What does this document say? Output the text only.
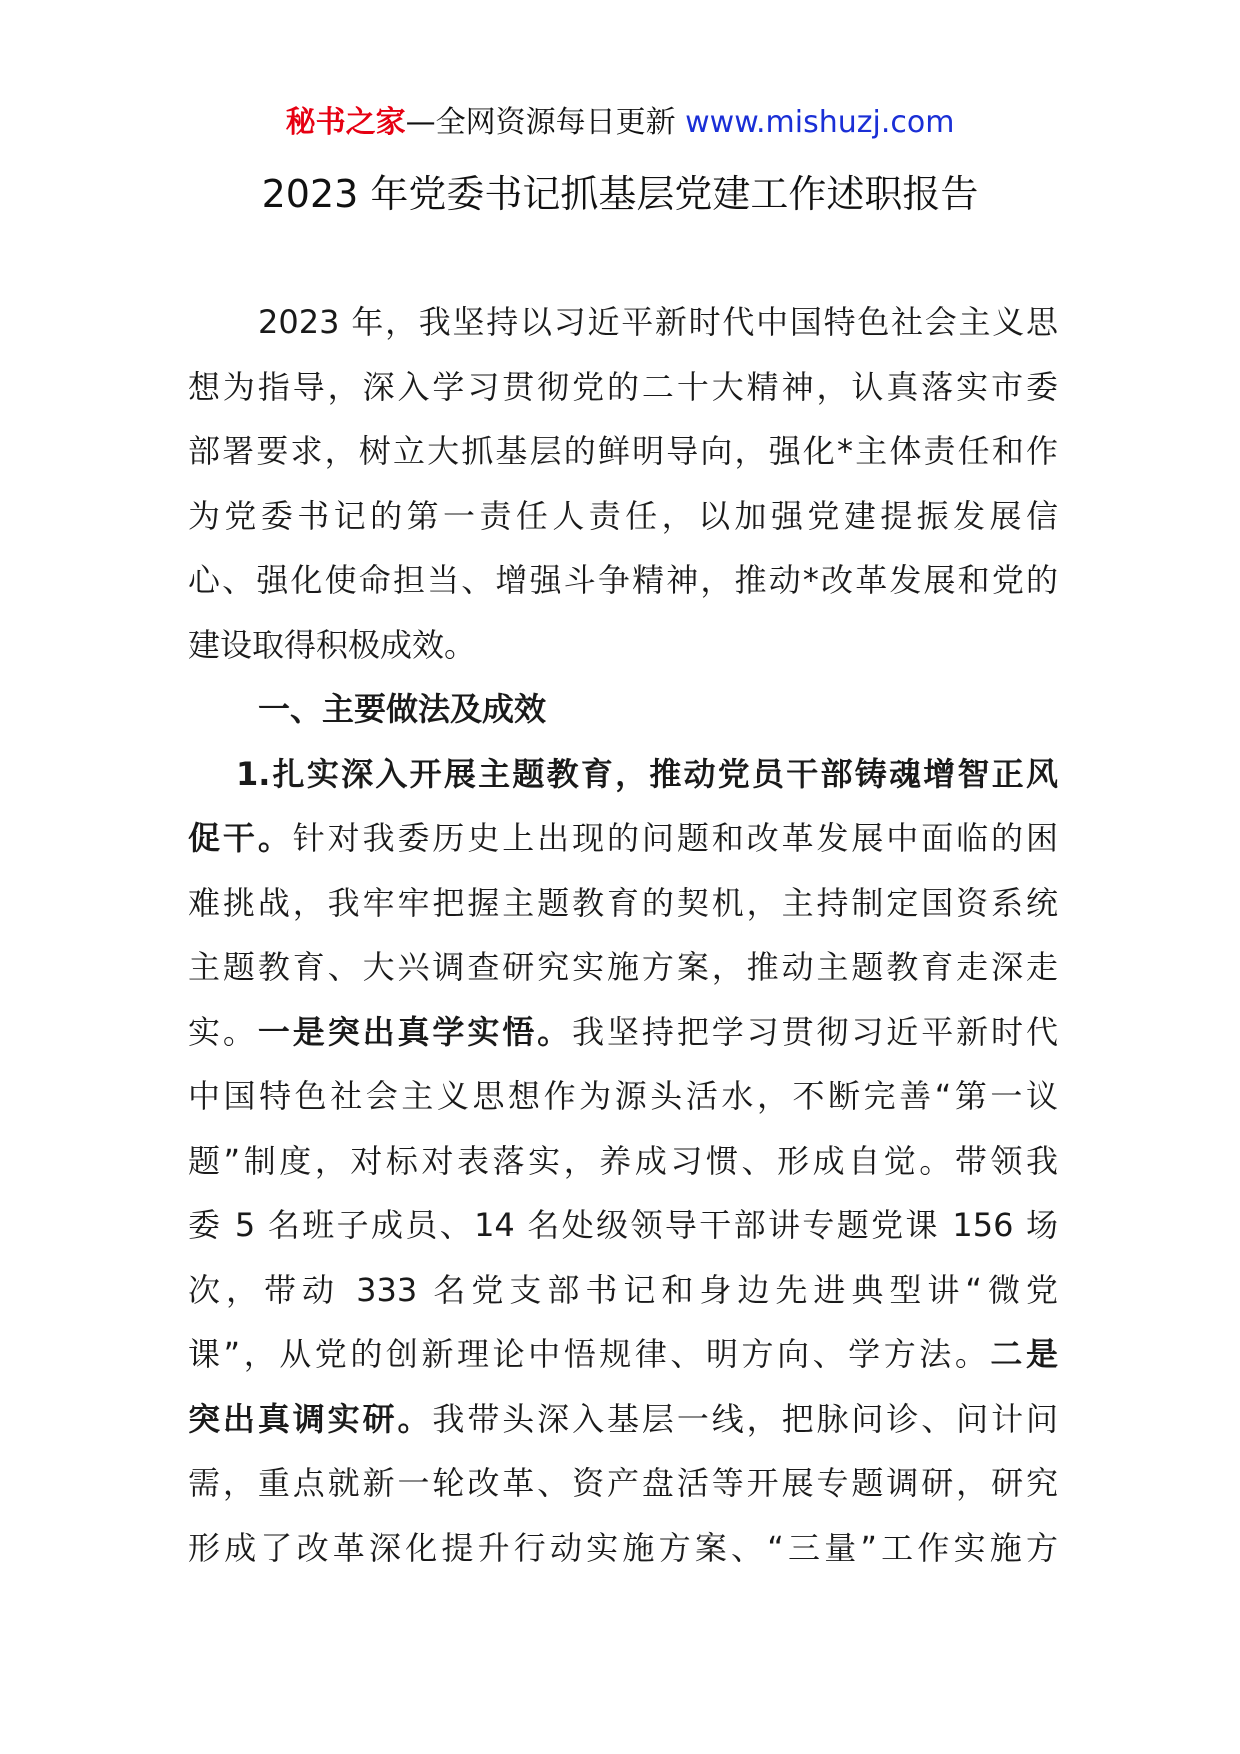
秘书之家—全网资源每日更新 www.mishuzj.com
2023 年党委书记抓基层党建工作述职报告
2023 年，我坚持以习近平新时代中国特色社会主义思
想为指导，深入学习贯彻党的二十大精神，认真落实市委
部署要求，树立大抓基层的鲜明导向，强化*主体责任和作
为党委书记的第一责任人责任，以加强党建提振发展信
心、强化使命担当、增强斗争精神，推动*改革发展和党的
建设取得积极成效。
一、主要做法及成效
1.扎实深入开展主题教育，推动党员干部铸魂增智正风
促干。针对我委历史上出现的问题和改革发展中面临的困
难挑战，我牢牢把握主题教育的契机，主持制定国资系统
主题教育、大兴调查研究实施方案，推动主题教育走深走
实。一是突出真学实悟。我坚持把学习贯彻习近平新时代
中国特色社会主义思想作为源头活水，不断完善“第一议
题”制度，对标对表落实，养成习惯、形成自觉。带领我
委 5 名班子成员、14 名处级领导干部讲专题党课 156 场
次，带动 333 名党支部书记和身边先进典型讲“微党
课”，从党的创新理论中悟规律、明方向、学方法。二是
突出真调实研。我带头深入基层一线，把脉问诊、问计问
需，重点就新一轮改革、资产盘活等开展专题调研，研究
形成了改革深化提升行动实施方案、“三量”工作实施方
